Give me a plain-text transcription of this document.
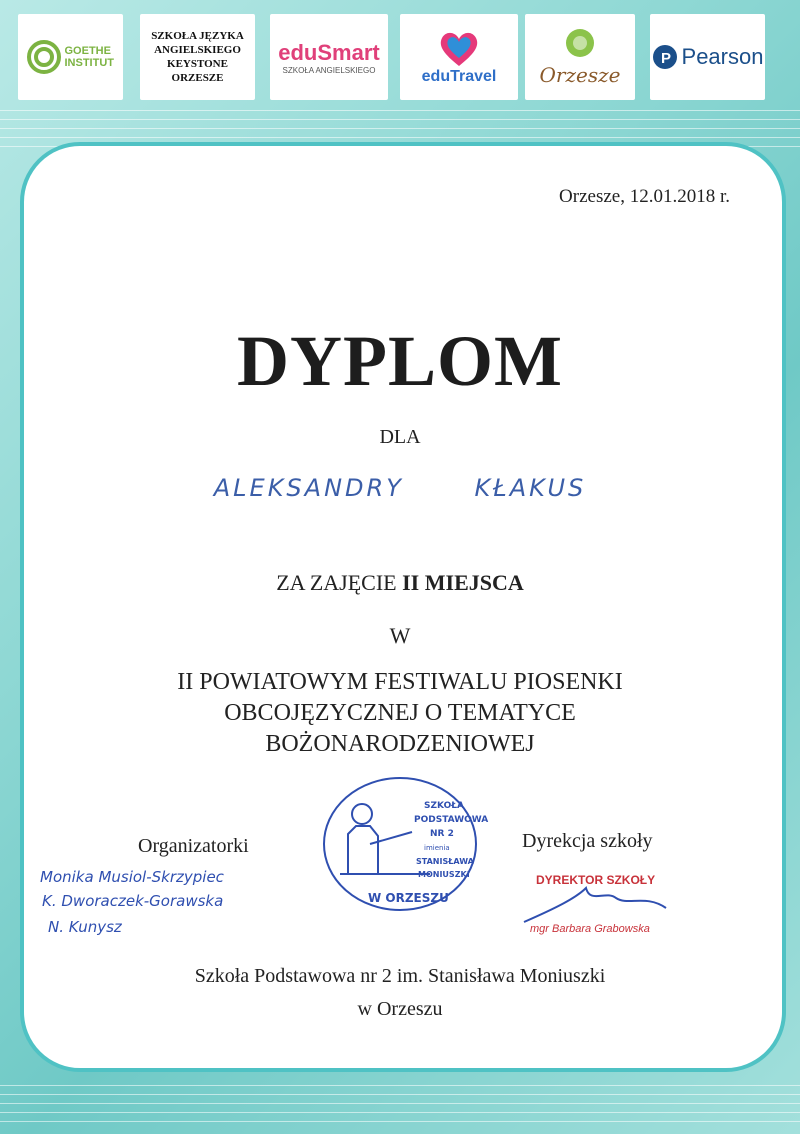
GOETHE INSTITUT
SZKOŁA JĘZYKA
ANGIELSKIEGO
KEYSTONE
ORZESZE
eduSmart
SZKOŁA ANGIELSKIEGO	eduTravel Orzesze
P Pearson
Orzesze, 12.01.2018 r.
DYPLOM
DLA
ALEKSANDRY KŁAKUS
ZA ZAJĘCIE II MIEJSCA
W
II POWIATOWYM FESTIWALU PIOSENKI
OBCOJĘZYCZNEJ O TEMATYCE
BOŻONARODZENIOWEJ
Organizatorki
Monika Musiol-Skrzypiec
K. Dworaczek-Gorawska
N. Kunysz
SZKOŁA
PODSTAWOWA
NR 2
imienia
STANISŁAWA
MONIUSZKI
W ORZESZU
Dyrekcja szkoły
DYREKTOR SZKOŁY
mgr Barbara Grabowska
Szkoła Podstawowa nr 2 im. Stanisława Moniuszki
w Orzeszu
